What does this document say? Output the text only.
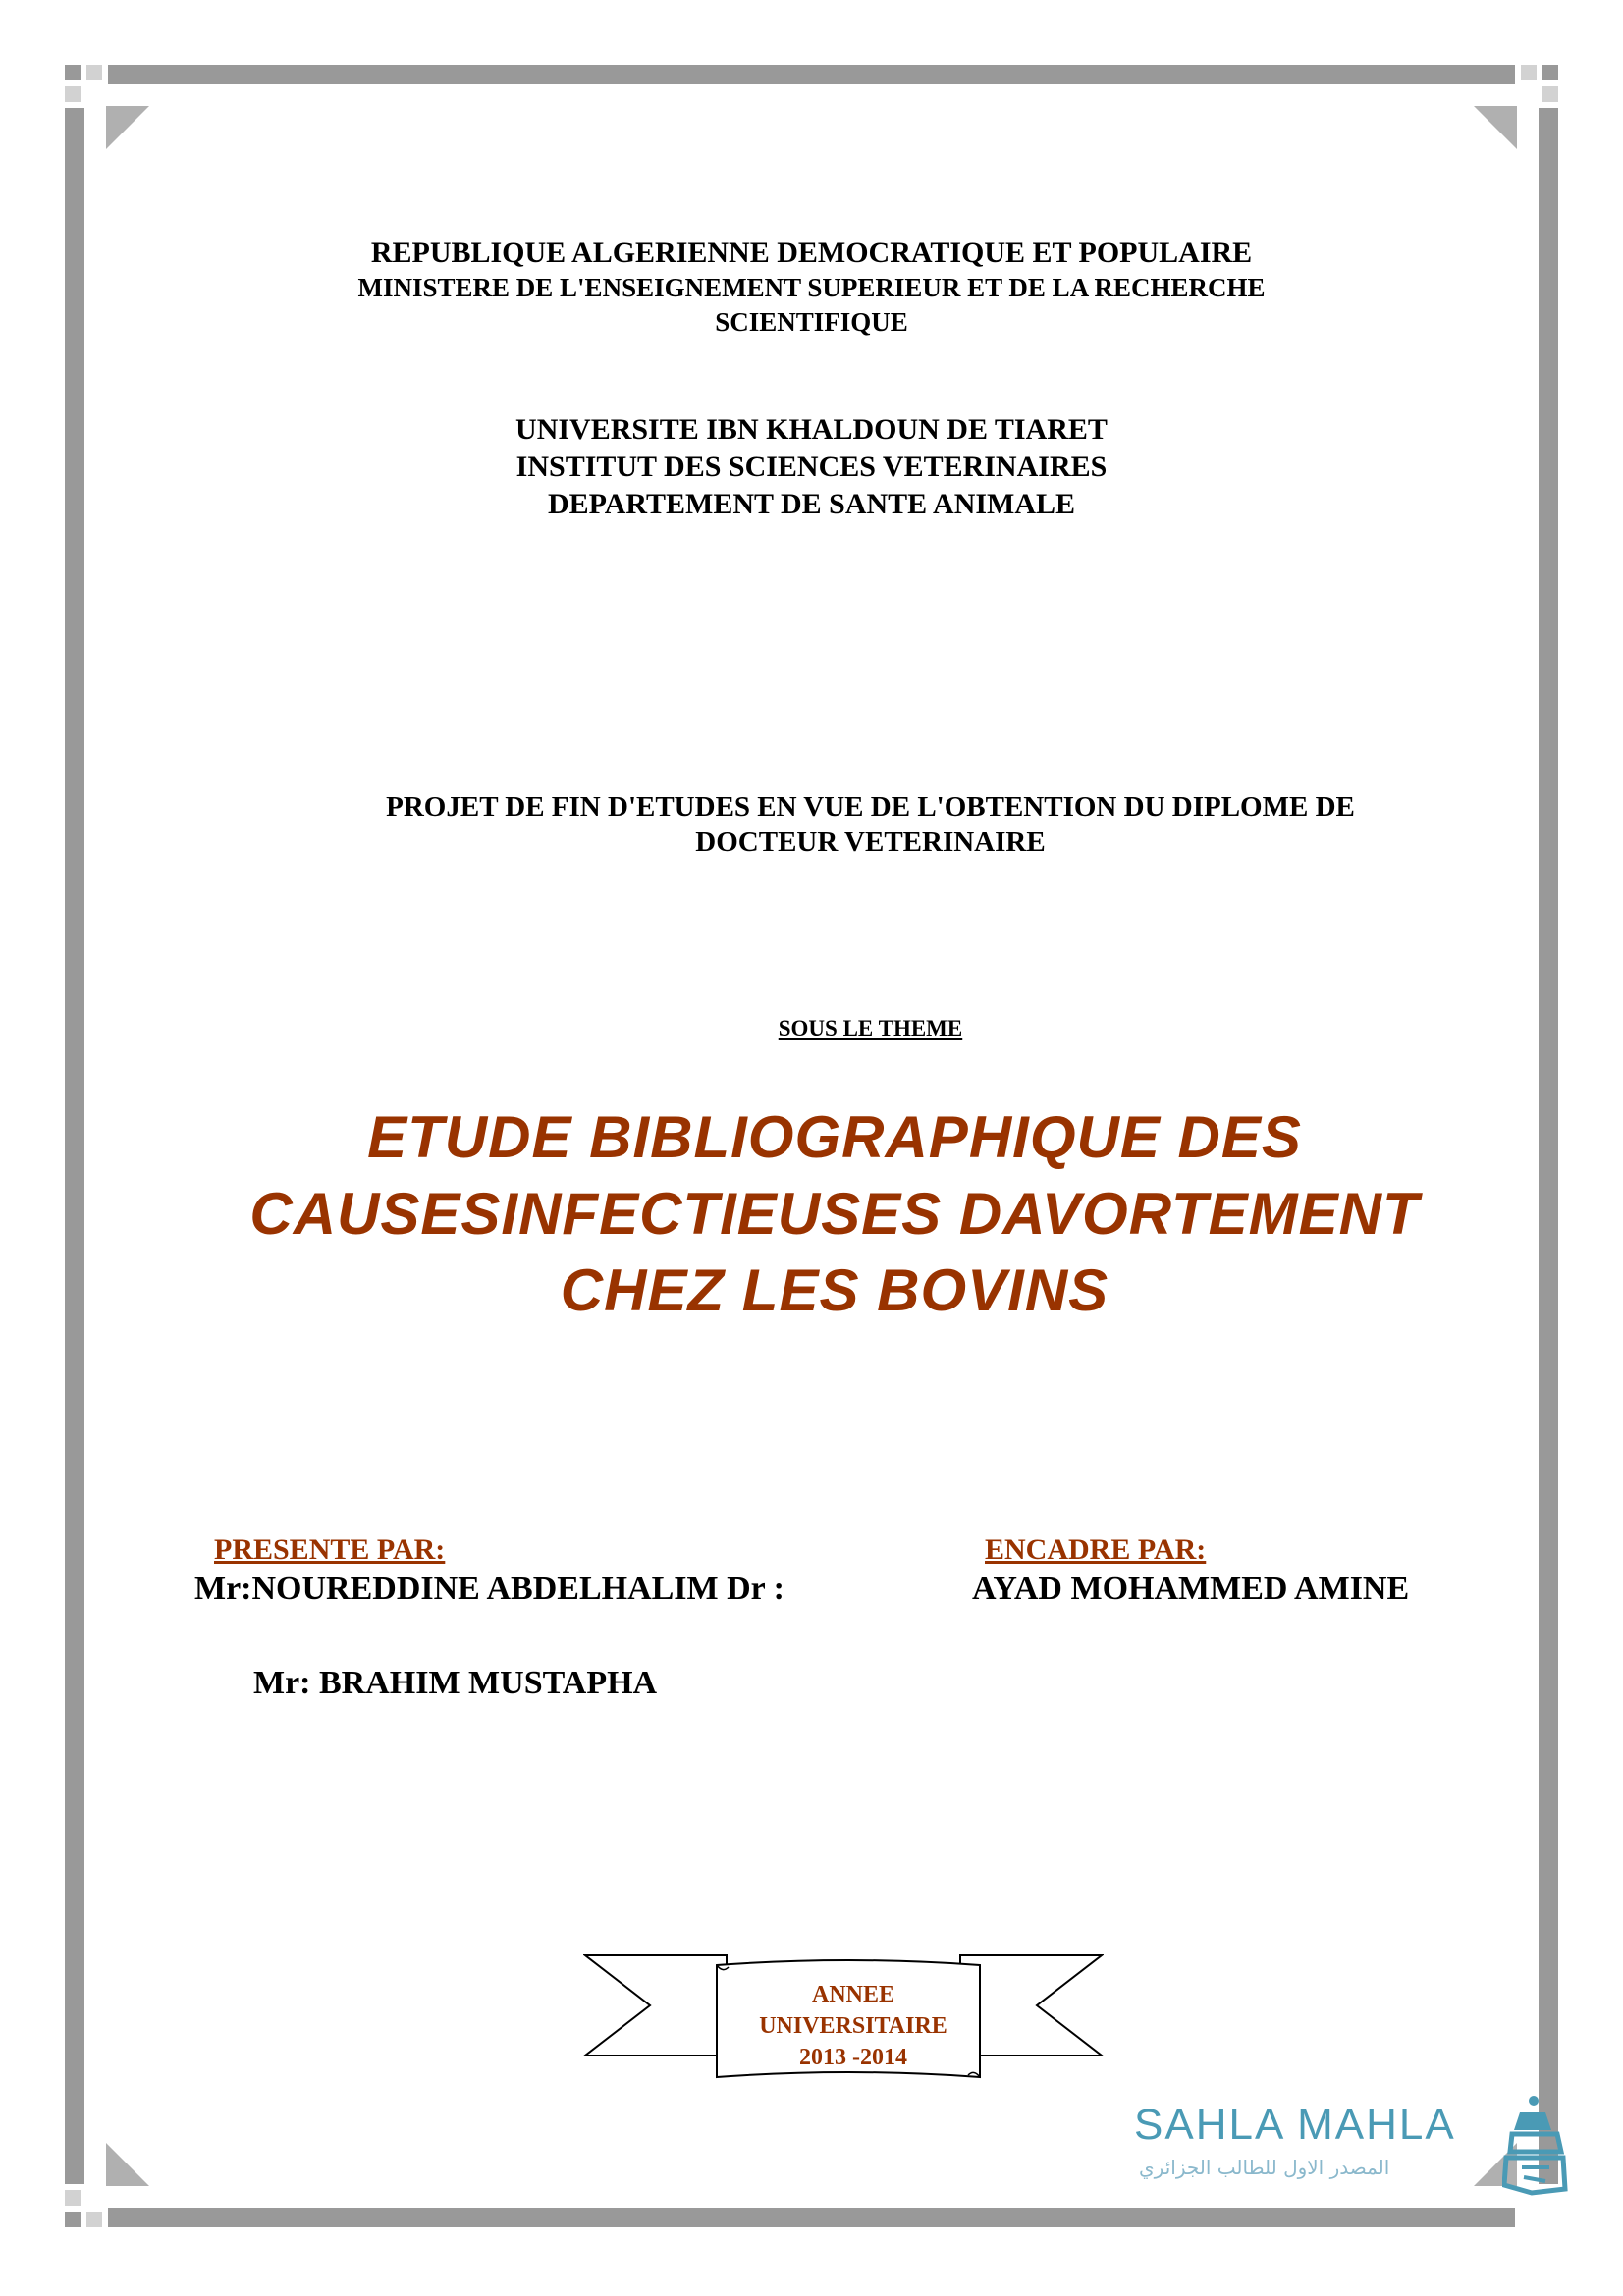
REPUBLIQUE ALGERIENNE DEMOCRATIQUE ET POPULAIRE
MINISTERE DE L'ENSEIGNEMENT SUPERIEUR ET DE LA RECHERCHE
SCIENTIFIQUE
UNIVERSITE IBN KHALDOUN DE TIARET
INSTITUT DES SCIENCES VETERINAIRES
DEPARTEMENT DE SANTE ANIMALE
PROJET DE FIN D'ETUDES EN VUE DE L'OBTENTION DU DIPLOME DE
DOCTEUR VETERINAIRE
SOUS LE THEME
ETUDE BIBLIOGRAPHIQUE DES
CAUSESINFECTIEUSES DAVORTEMENT
CHEZ LES BOVINS
PRESENTE PAR:	ENCADRE PAR:
Mr:NOUREDDINE ABDELHALIM Dr :	AYAD MOHAMMED AMINE
Mr: BRAHIM MUSTAPHA
ANNEE
UNIVERSITAIRE
2013 -2014
SAHLA MAHLA
المصدر الاول للطالب الجزائري
